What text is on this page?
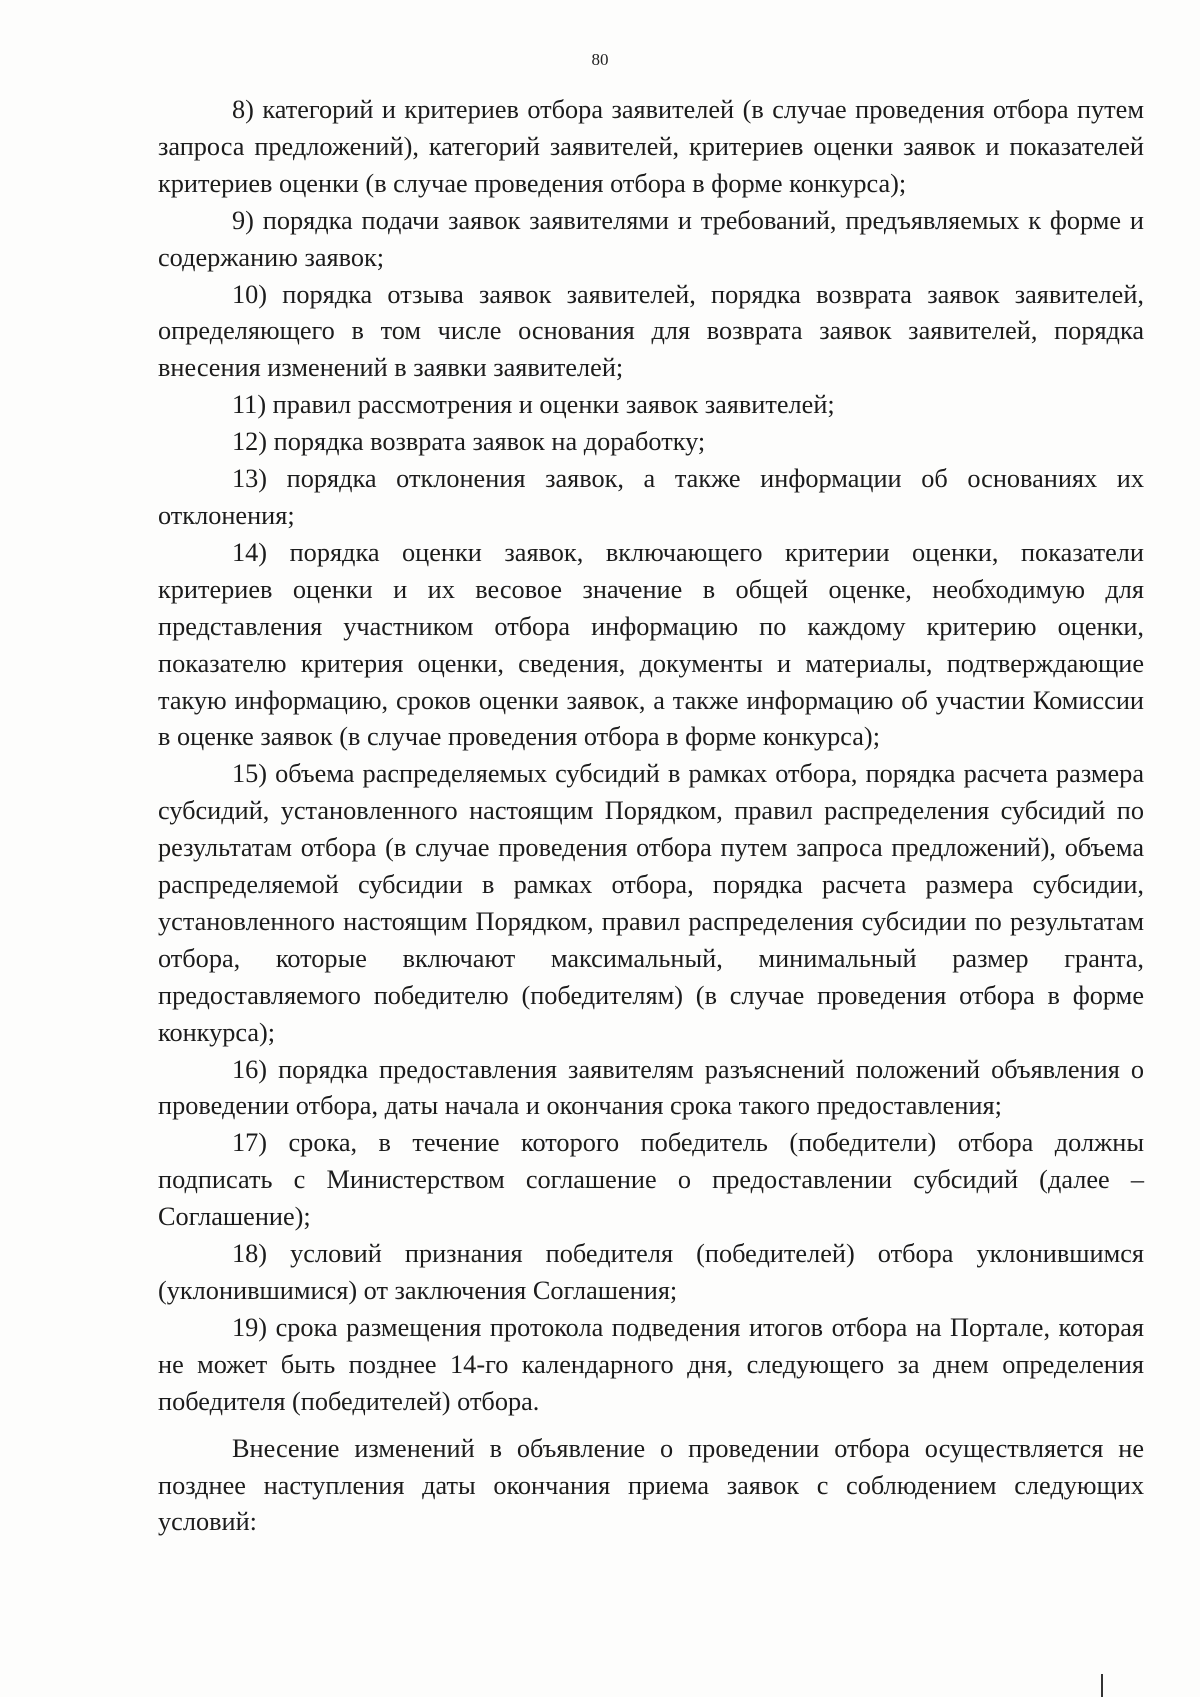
80

8) категорий и критериев отбора заявителей (в случае проведения отбора путем запроса предложений), категорий заявителей, критериев оценки заявок и показателей критериев оценки (в случае проведения отбора в форме конкурса);

9) порядка подачи заявок заявителями и требований, предъявляемых к форме и содержанию заявок;

10) порядка отзыва заявок заявителей, порядка возврата заявок заявителей, определяющего в том числе основания для возврата заявок заявителей, порядка внесения изменений в заявки заявителей;

11) правил рассмотрения и оценки заявок заявителей;

12) порядка возврата заявок на доработку;

13) порядка отклонения заявок, а также информации об основаниях их отклонения;

14) порядка оценки заявок, включающего критерии оценки, показатели критериев оценки и их весовое значение в общей оценке, необходимую для представления участником отбора информацию по каждому критерию оценки, показателю критерия оценки, сведения, документы и материалы, подтверждающие такую информацию, сроков оценки заявок, а также информацию об участии Комиссии в оценке заявок (в случае проведения отбора в форме конкурса);

15) объема распределяемых субсидий в рамках отбора, порядка расчета размера субсидий, установленного настоящим Порядком, правил распределения субсидий по результатам отбора (в случае проведения отбора путем запроса предложений), объема распределяемой субсидии в рамках отбора, порядка расчета размера субсидии, установленного настоящим Порядком, правил распределения субсидии по результатам отбора, которые включают максимальный, минимальный размер гранта, предоставляемого победителю (победителям) (в случае проведения отбора в форме конкурса);

16) порядка предоставления заявителям разъяснений положений объявления о проведении отбора, даты начала и окончания срока такого предоставления;

17) срока, в течение которого победитель (победители) отбора должны подписать с Министерством соглашение о предоставлении субсидий (далее – Соглашение);

18) условий признания победителя (победителей) отбора уклонившимся (уклонившимися) от заключения Соглашения;

19) срока размещения протокола подведения итогов отбора на Портале, которая не может быть позднее 14-го календарного дня, следующего за днем определения победителя (победителей) отбора.

Внесение изменений в объявление о проведении отбора осуществляется не позднее наступления даты окончания приема заявок с соблюдением следующих условий:
